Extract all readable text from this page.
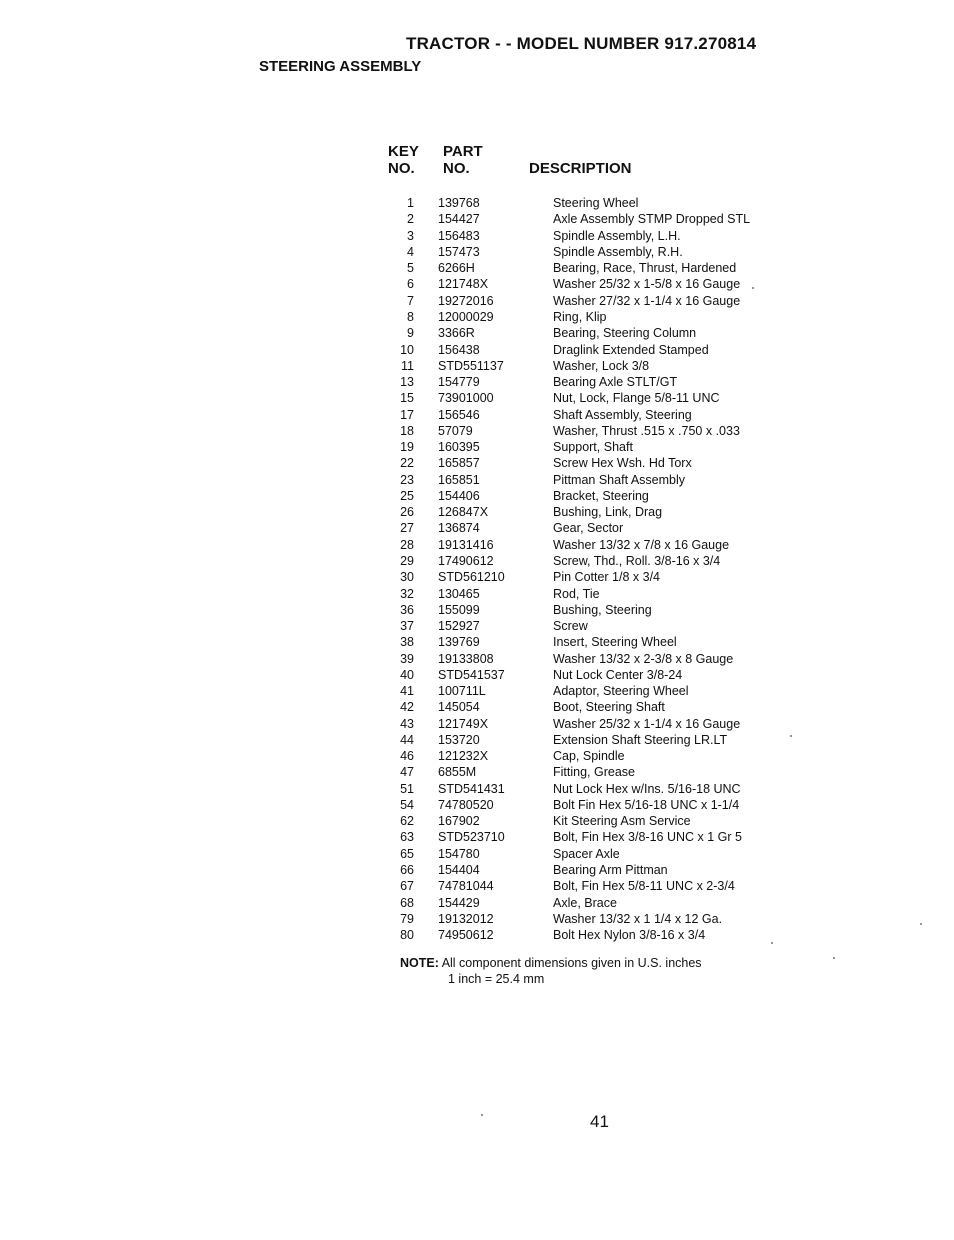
TRACTOR - - MODEL NUMBER 917.270814
STEERING ASSEMBLY
KEY
NO.
PART
NO.	DESCRIPTION
1	139768	Steering Wheel
2	154427	Axle Assembly STMP Dropped STL
3	156483	Spindle Assembly, L.H.
4	157473	Spindle Assembly, R.H.
5	6266H	Bearing, Race, Thrust, Hardened
6	121748X	Washer 25/32 x 1-5/8 x 16 Gauge
7	19272016	Washer 27/32 x 1-1/4 x 16 Gauge
8	12000029	Ring, Klip
9	3366R	Bearing, Steering Column
10	156438	Draglink Extended Stamped
11	STD551137	Washer, Lock 3/8
13	154779	Bearing Axle STLT/GT
15	73901000	Nut, Lock, Flange 5/8-11 UNC
17	156546	Shaft Assembly, Steering
18	57079	Washer, Thrust .515 x .750 x .033
19	160395	Support, Shaft
22	165857	Screw Hex Wsh. Hd Torx
23	165851	Pittman Shaft Assembly
25	154406	Bracket, Steering
26	126847X	Bushing, Link, Drag
27	136874	Gear, Sector
28	19131416	Washer 13/32 x 7/8 x 16 Gauge
29	17490612	Screw, Thd., Roll. 3/8-16 x 3/4
30	STD561210	Pin Cotter 1/8 x 3/4
32	130465	Rod, Tie
36	155099	Bushing, Steering
37	152927	Screw
38	139769	Insert, Steering Wheel
39	19133808	Washer 13/32 x 2-3/8 x 8 Gauge
40	STD541537	Nut Lock Center 3/8-24
41	100711L	Adaptor, Steering Wheel
42	145054	Boot, Steering Shaft
43	121749X	Washer 25/32 x 1-1/4 x 16 Gauge
44	153720	Extension Shaft Steering LR.LT
46	121232X	Cap, Spindle
47	6855M	Fitting, Grease
51	STD541431	Nut Lock Hex w/Ins. 5/16-18 UNC
54	74780520	Bolt Fin Hex 5/16-18 UNC x 1-1/4
62	167902	Kit Steering Asm Service
63	STD523710	Bolt, Fin Hex 3/8-16 UNC x 1 Gr 5
65	154780	Spacer Axle
66	154404	Bearing Arm Pittman
67	74781044	Bolt, Fin Hex 5/8-11 UNC x 2-3/4
68	154429	Axle, Brace
79	19132012	Washer 13/32 x 1 1/4 x 12 Ga.
80	74950612	Bolt Hex Nylon 3/8-16 x 3/4
NOTE: All component dimensions given in U.S. inches
1 inch = 25.4 mm
41
